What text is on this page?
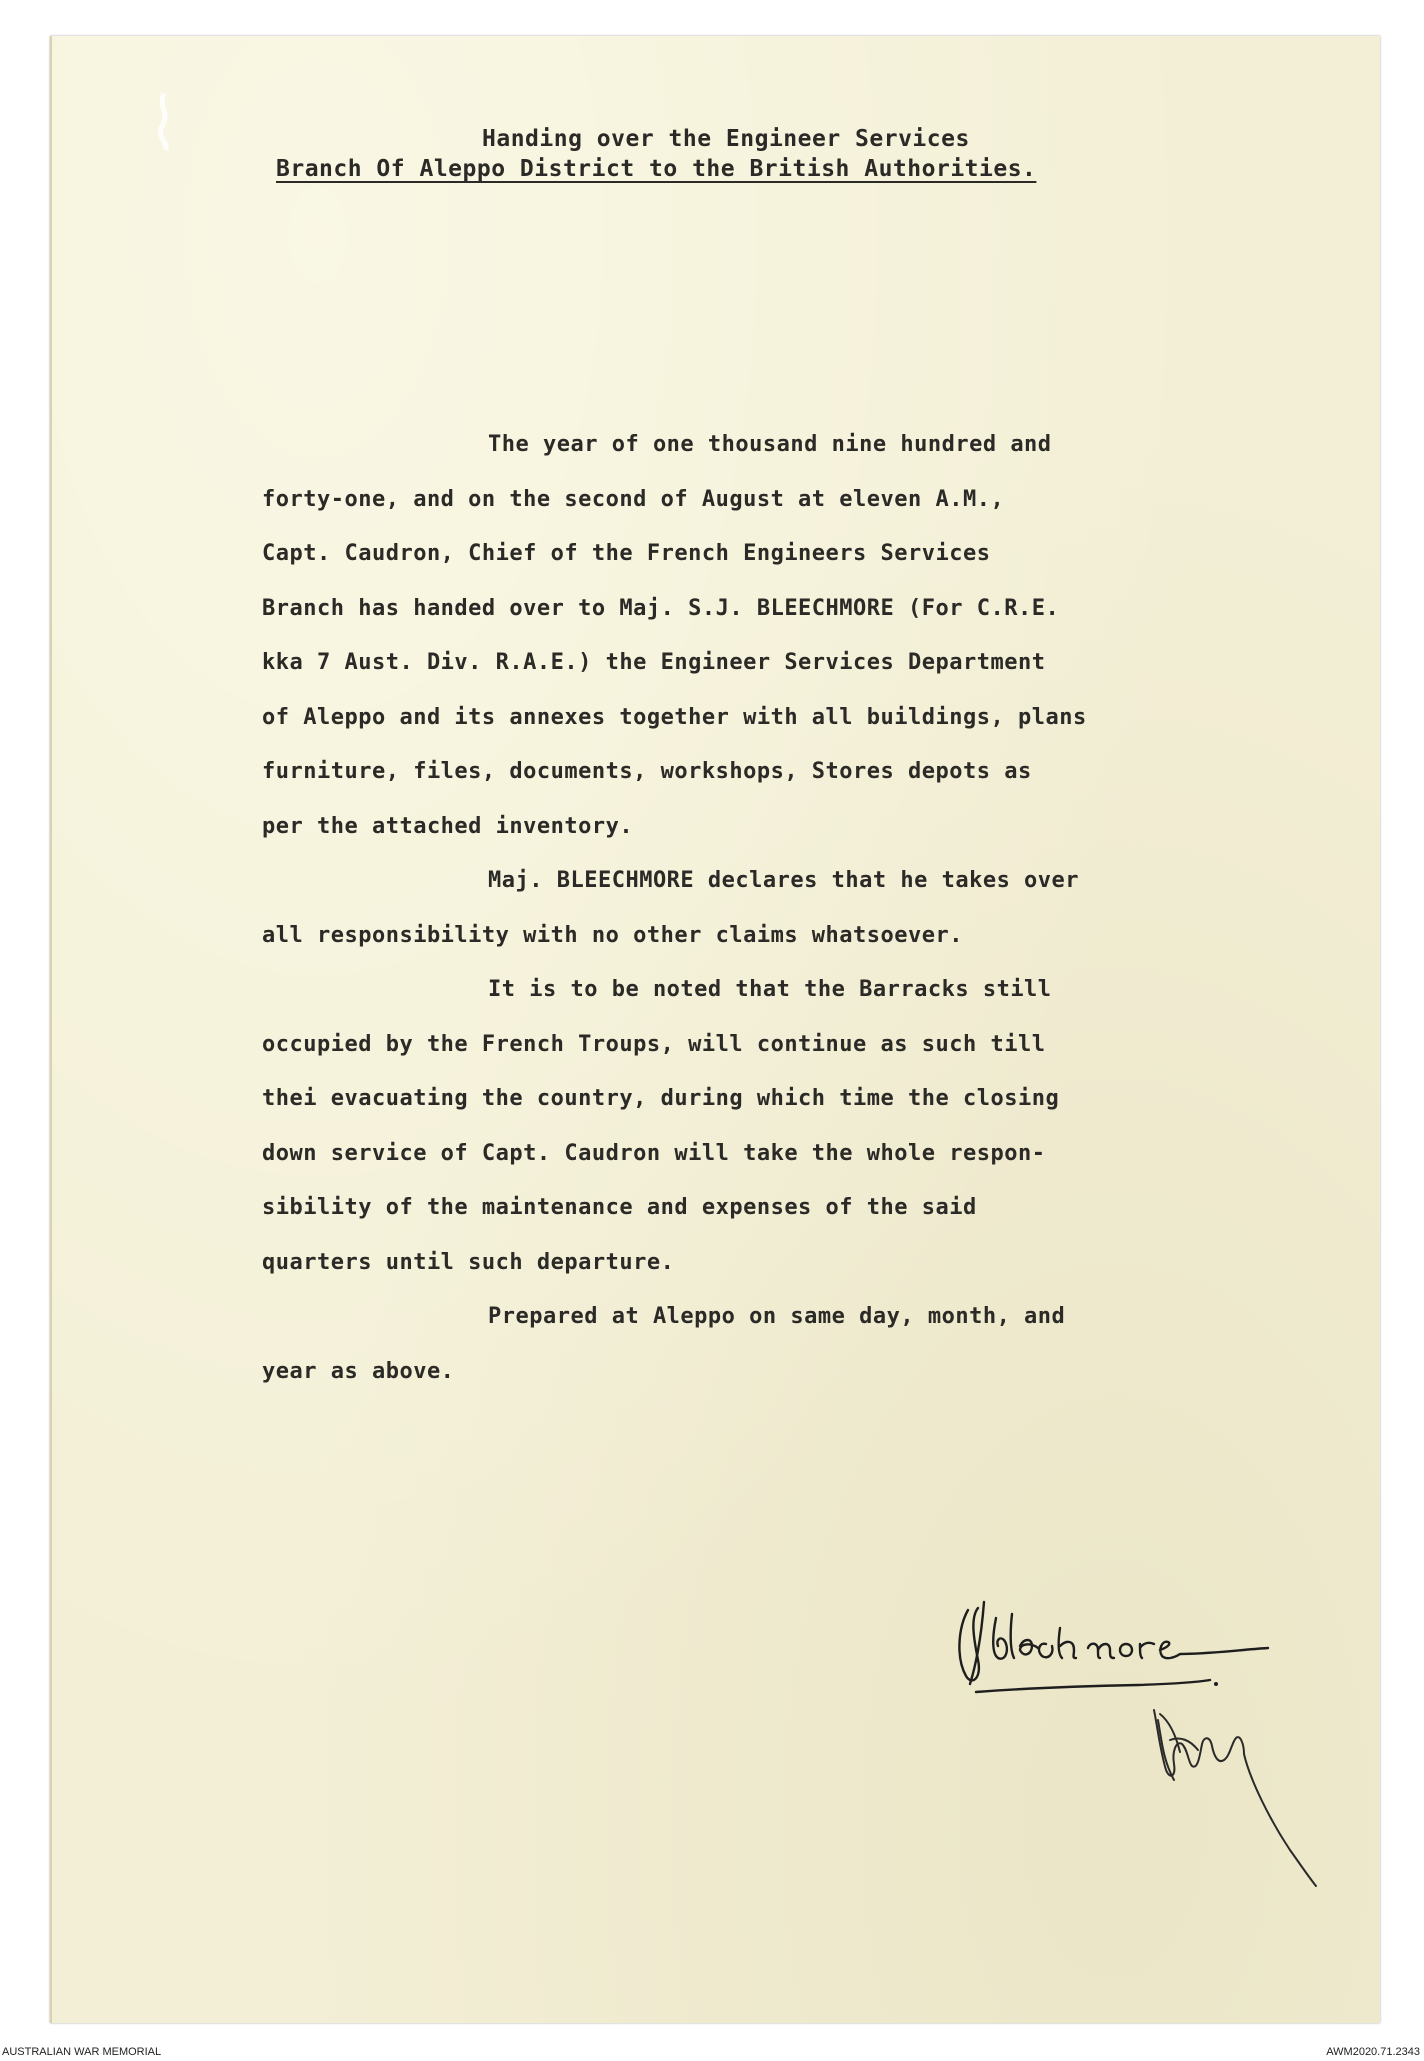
Handing over the Engineer Services
Branch Of Aleppo District to the British Authorities.
The year of one thousand nine hundred and
forty-one, and on the second of August at eleven A.M.,
Capt. Caudron, Chief of the French Engineers Services
Branch has handed over to Maj. S.J. BLEECHMORE (For C.R.E.
kka 7 Aust. Div. R.A.E.) the Engineer Services Department
of Aleppo and its annexes together with all buildings, plans
furniture, files, documents, workshops, Stores depots as
per the attached inventory.
Maj. BLEECHMORE declares that he takes over
all responsibility with no other claims whatsoever.
It is to be noted that the Barracks still
occupied by the French Troups, will continue as such till
thei evacuating the country, during which time the closing
down service of Capt. Caudron will take the whole respon-
sibility of the maintenance and expenses of the said
quarters until such departure.
Prepared at Aleppo on same day, month, and
year as above.
AUSTRALIAN WAR MEMORIAL	AWM2020.71.2343
